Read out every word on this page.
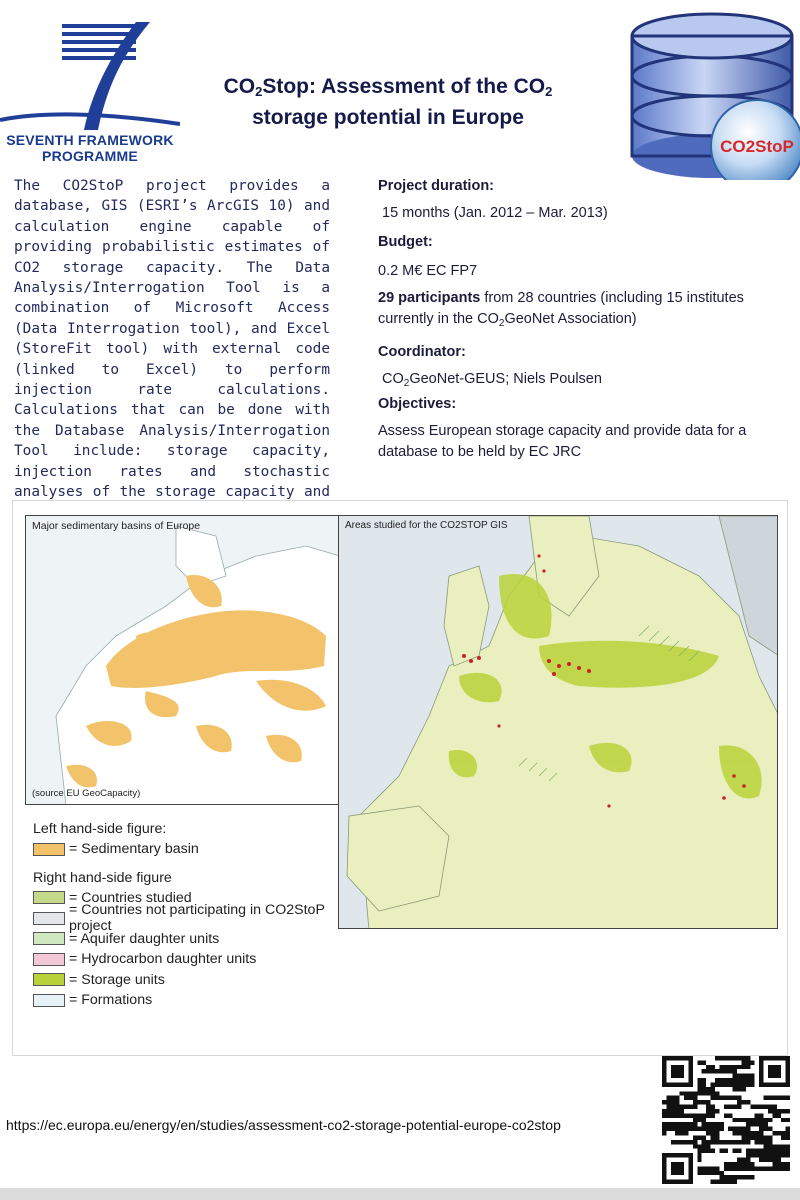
SEVENTH FRAMEWORK
PROGRAMME
$CO_2Stop$: Assessment of the $CO_2$
storage potential in Europe
CO2StoP
The CO2StoP project provides a database, GIS (ESRI’s ArcGIS 10) and calculation engine capable of providing probabilistic estimates of CO2 storage capacity. The Data Analysis/Interrogation Tool is a combination of Microsoft Access (Data Interrogation tool), and Excel (StoreFit tool) with external code (linked to Excel) to perform injection rate calculations. Calculations that can be done with the Database Analysis/Interrogation Tool include: storage capacity, injection rates and stochastic analyses of the storage capacity and
Project duration:
15 months (Jan. 2012 – Mar. 2013)
Budget:
0.2 M€ EC FP7
29 participants from 28 countries (including 15 institutes currently in the $CO_2GeoNet$ Association)
Coordinator:
$CO_2GeoNet$-GEUS; Niels Poulsen
Objectives:
Assess European storage capacity and provide data for a database to be held by EC JRC
Major sedimentary basins of Europe
(source EU GeoCapacity)
Areas studied for the CO2STOP GIS
Left hand-side figure:
= Sedimentary basin
Right hand-side figure
= Countries studied
= Countries not participating in CO2StoP project
= Aquifer daughter units
= Hydrocarbon daughter units
= Storage units
= Formations
https://ec.europa.eu/energy/en/studies/assessment-co2-storage-potential-europe-co2stop
